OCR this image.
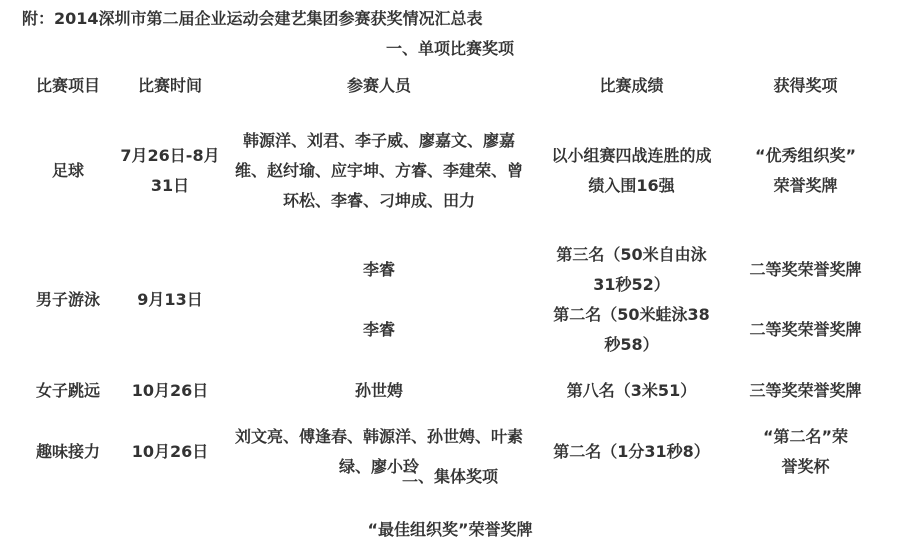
附：2014深圳市第二届企业运动会建艺集团参赛获奖情况汇总表
一、单项比赛奖项
比赛项目	比赛时间	参赛人员	比赛成绩	获得奖项
足球	7月26日-8月31日	韩源洋、刘君、李子威、廖嘉文、廖嘉维、赵纣瑜、应宇坤、方睿、李建荣、曾环松、李睿、刁坤成、田力	以小组赛四战连胜的成绩入围16强	“优秀组织奖”
荣誉奖牌

男子游泳	9月13日	李睿	第三名（50米自由泳31秒52）	二等奖荣誉奖牌

		李睿	第二名（50米蛙泳38秒58）	二等奖荣誉奖牌

女子跳远	10月26日	孙世娉	第八名（3米51）	三等奖荣誉奖牌

趣味接力	10月26日	刘文亮、傅逢春、韩源洋、孙世娉、叶素绿、廖小玲	第二名（1分31秒8）	“第二名”荣誉奖杯
二、集体奖项
“最佳组织奖”荣誉奖牌
